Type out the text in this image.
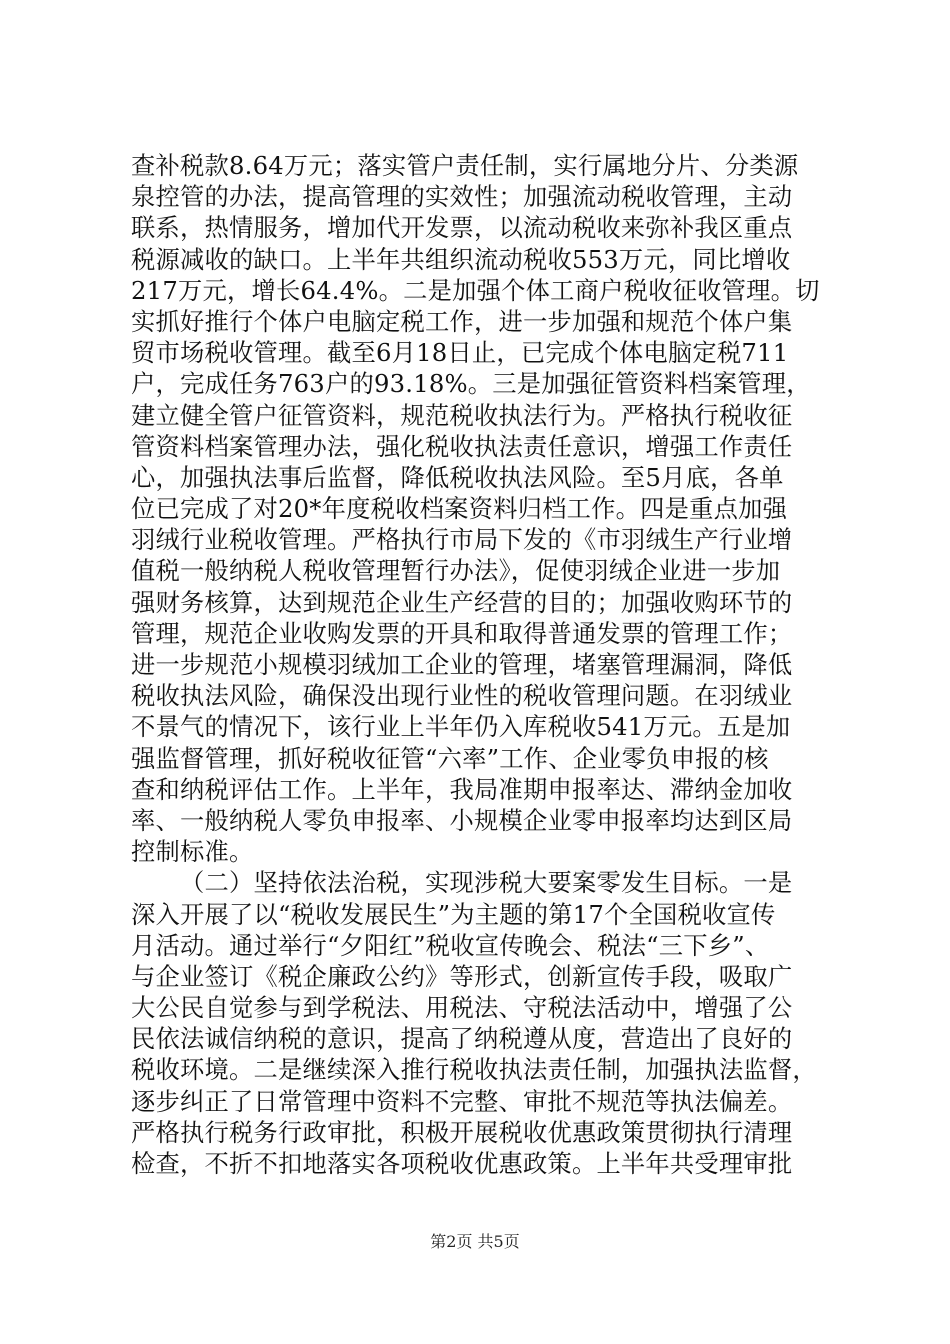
查补税款8.64万元；落实管户责任制，实行属地分片、分类源
泉控管的办法，提高管理的实效性；加强流动税收管理，主动
联系，热情服务，增加代开发票，以流动税收来弥补我区重点
税源减收的缺口。上半年共组织流动税收553万元，同比增收
217万元，增长64.4%。二是加强个体工商户税收征收管理。切
实抓好推行个体户电脑定税工作，进一步加强和规范个体户集
贸市场税收管理。截至6月18日止，已完成个体电脑定税711
户，完成任务763户的93.18%。三是加强征管资料档案管理，
建立健全管户征管资料，规范税收执法行为。严格执行税收征
管资料档案管理办法，强化税收执法责任意识，增强工作责任
心，加强执法事后监督，降低税收执法风险。至5月底，各单
位已完成了对20*年度税收档案资料归档工作。四是重点加强
羽绒行业税收管理。严格执行市局下发的《市羽绒生产行业增
值税一般纳税人税收管理暂行办法》，促使羽绒企业进一步加
强财务核算，达到规范企业生产经营的目的；加强收购环节的
管理，规范企业收购发票的开具和取得普通发票的管理工作；
进一步规范小规模羽绒加工企业的管理，堵塞管理漏洞，降低
税收执法风险，确保没出现行业性的税收管理问题。在羽绒业
不景气的情况下，该行业上半年仍入库税收541万元。五是加
强监督管理，抓好税收征管“六率”工作、企业零负申报的核
查和纳税评估工作。上半年，我局准期申报率达、滞纳金加收
率、一般纳税人零负申报率、小规模企业零申报率均达到区局
控制标准。
（二）坚持依法治税，实现涉税大要案零发生目标。一是
深入开展了以“税收发展民生”为主题的第17个全国税收宣传
月活动。通过举行“夕阳红”税收宣传晚会、税法“三下乡”、
与企业签订《税企廉政公约》等形式，创新宣传手段，吸取广
大公民自觉参与到学税法、用税法、守税法活动中，增强了公
民依法诚信纳税的意识，提高了纳税遵从度，营造出了良好的
税收环境。二是继续深入推行税收执法责任制，加强执法监督，
逐步纠正了日常管理中资料不完整、审批不规范等执法偏差。
严格执行税务行政审批，积极开展税收优惠政策贯彻执行清理
检查，不折不扣地落实各项税收优惠政策。上半年共受理审批
第2页 共5页
